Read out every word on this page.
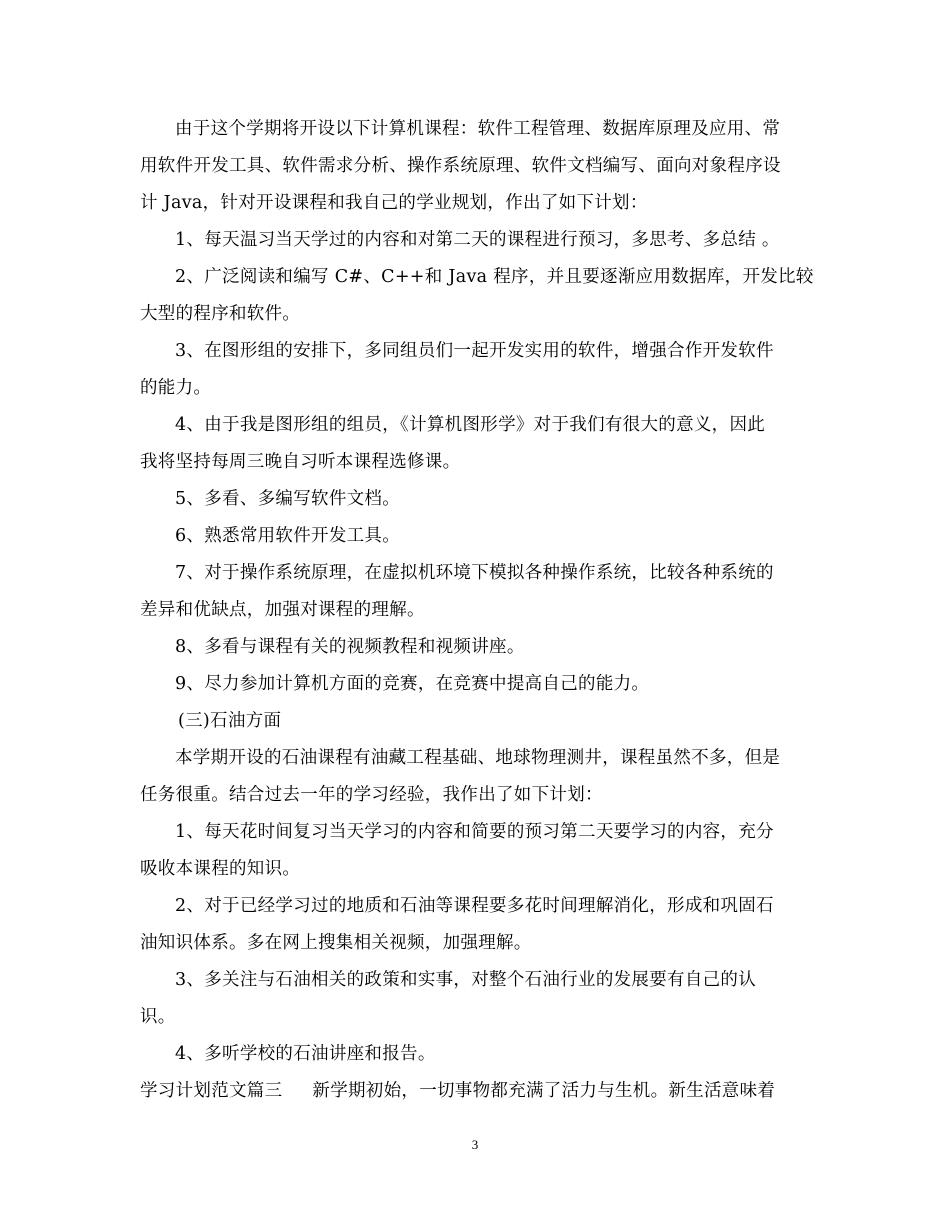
由于这个学期将开设以下计算机课程：软件工程管理、数据库原理及应用、常
用软件开发工具、软件需求分析、操作系统原理、软件文档编写、面向对象程序设
计 Java，针对开设课程和我自己的学业规划，作出了如下计划：
1、每天温习当天学过的内容和对第二天的课程进行预习，多思考、多总结 。
2、广泛阅读和编写 C#、C++和 Java 程序，并且要逐渐应用数据库，开发比较
大型的程序和软件。
3、在图形组的安排下，多同组员们一起开发实用的软件，增强合作开发软件
的能力。
4、由于我是图形组的组员，《计算机图形学》对于我们有很大的意义，因此
我将坚持每周三晚自习听本课程选修课。
5、多看、多编写软件文档。
6、熟悉常用软件开发工具。
7、对于操作系统原理，在虚拟机环境下模拟各种操作系统，比较各种系统的
差异和优缺点，加强对课程的理解。
8、多看与课程有关的视频教程和视频讲座。
9、尽力参加计算机方面的竞赛，在竞赛中提高自己的能力。
(三)石油方面
本学期开设的石油课程有油藏工程基础、地球物理测井，课程虽然不多，但是
任务很重。结合过去一年的学习经验，我作出了如下计划：
1、每天花时间复习当天学习的内容和简要的预习第二天要学习的内容，充分
吸收本课程的知识。
2、对于已经学习过的地质和石油等课程要多花时间理解消化，形成和巩固石
油知识体系。多在网上搜集相关视频，加强理解。
3、多关注与石油相关的政策和实事，对整个石油行业的发展要有自己的认
识。
4、多听学校的石油讲座和报告。
学习计划范文篇三 新学期初始，一切事物都充满了活力与生机。新生活意味着
3
